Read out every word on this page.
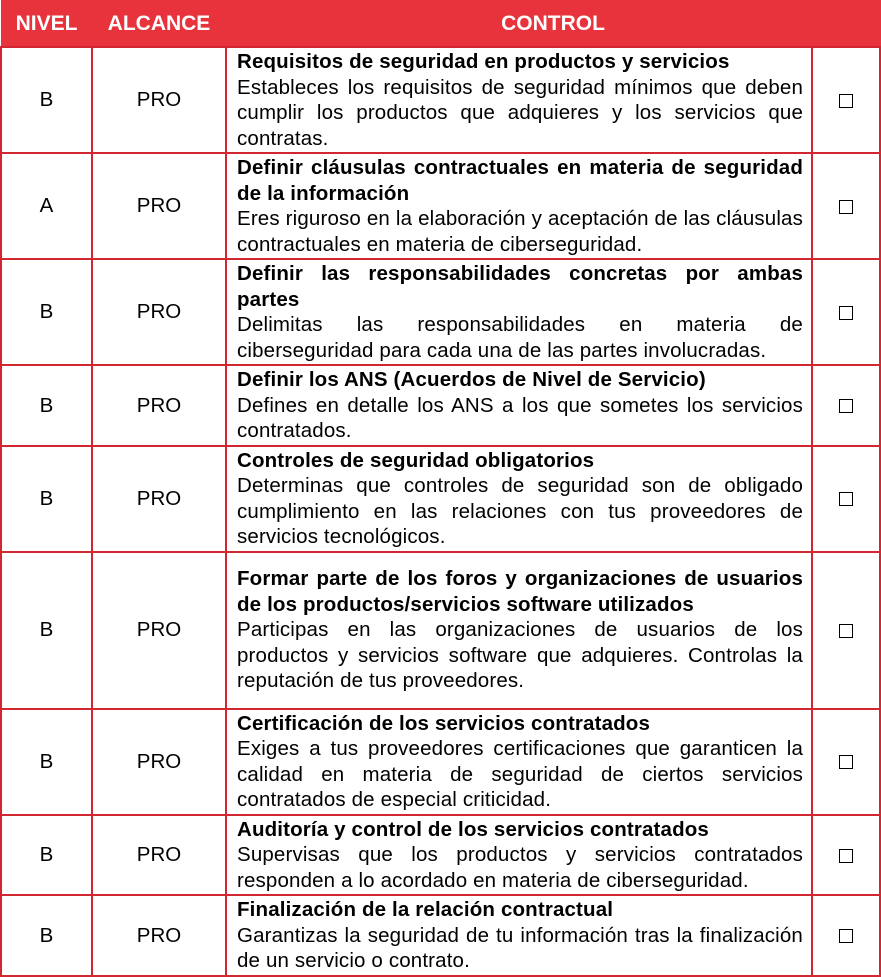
NIVEL	ALCANCE	CONTROL	
B	PRO	Requisitos de seguridad en productos y servicios
Estableces los requisitos de seguridad mínimos que deben cumplir los productos que adquieres y los servicios que contratas.	

A	PRO	Definir cláusulas contractuales en materia de seguridad de la información
Eres riguroso en la elaboración y aceptación de las cláusulas contractuales en materia de ciberseguridad.	

B	PRO	Definir las responsabilidades concretas por ambas partes
Delimitas las responsabilidades en materia de ciberseguridad para cada una de las partes involucradas.	

B	PRO	Definir los ANS (Acuerdos de Nivel de Servicio)
Defines en detalle los ANS a los que sometes los servicios contratados.	

B	PRO	Controles de seguridad obligatorios
Determinas que controles de seguridad son de obligado cumplimiento en las relaciones con tus proveedores de servicios tecnológicos.	

B	PRO	Formar parte de los foros y organizaciones de usuarios de los productos/servicios software utilizados
Participas en las organizaciones de usuarios de los productos y servicios software que adquieres. Controlas la reputación de tus proveedores.	

B	PRO	Certificación de los servicios contratados
Exiges a tus proveedores certificaciones que garanticen la calidad en materia de seguridad de ciertos servicios contratados de especial criticidad.	

B	PRO	Auditoría y control de los servicios contratados
Supervisas que los productos y servicios contratados responden a lo acordado en materia de ciberseguridad.	

B	PRO	Finalización de la relación contractual
Garantizas la seguridad de tu información tras la finalización de un servicio o contrato.	
